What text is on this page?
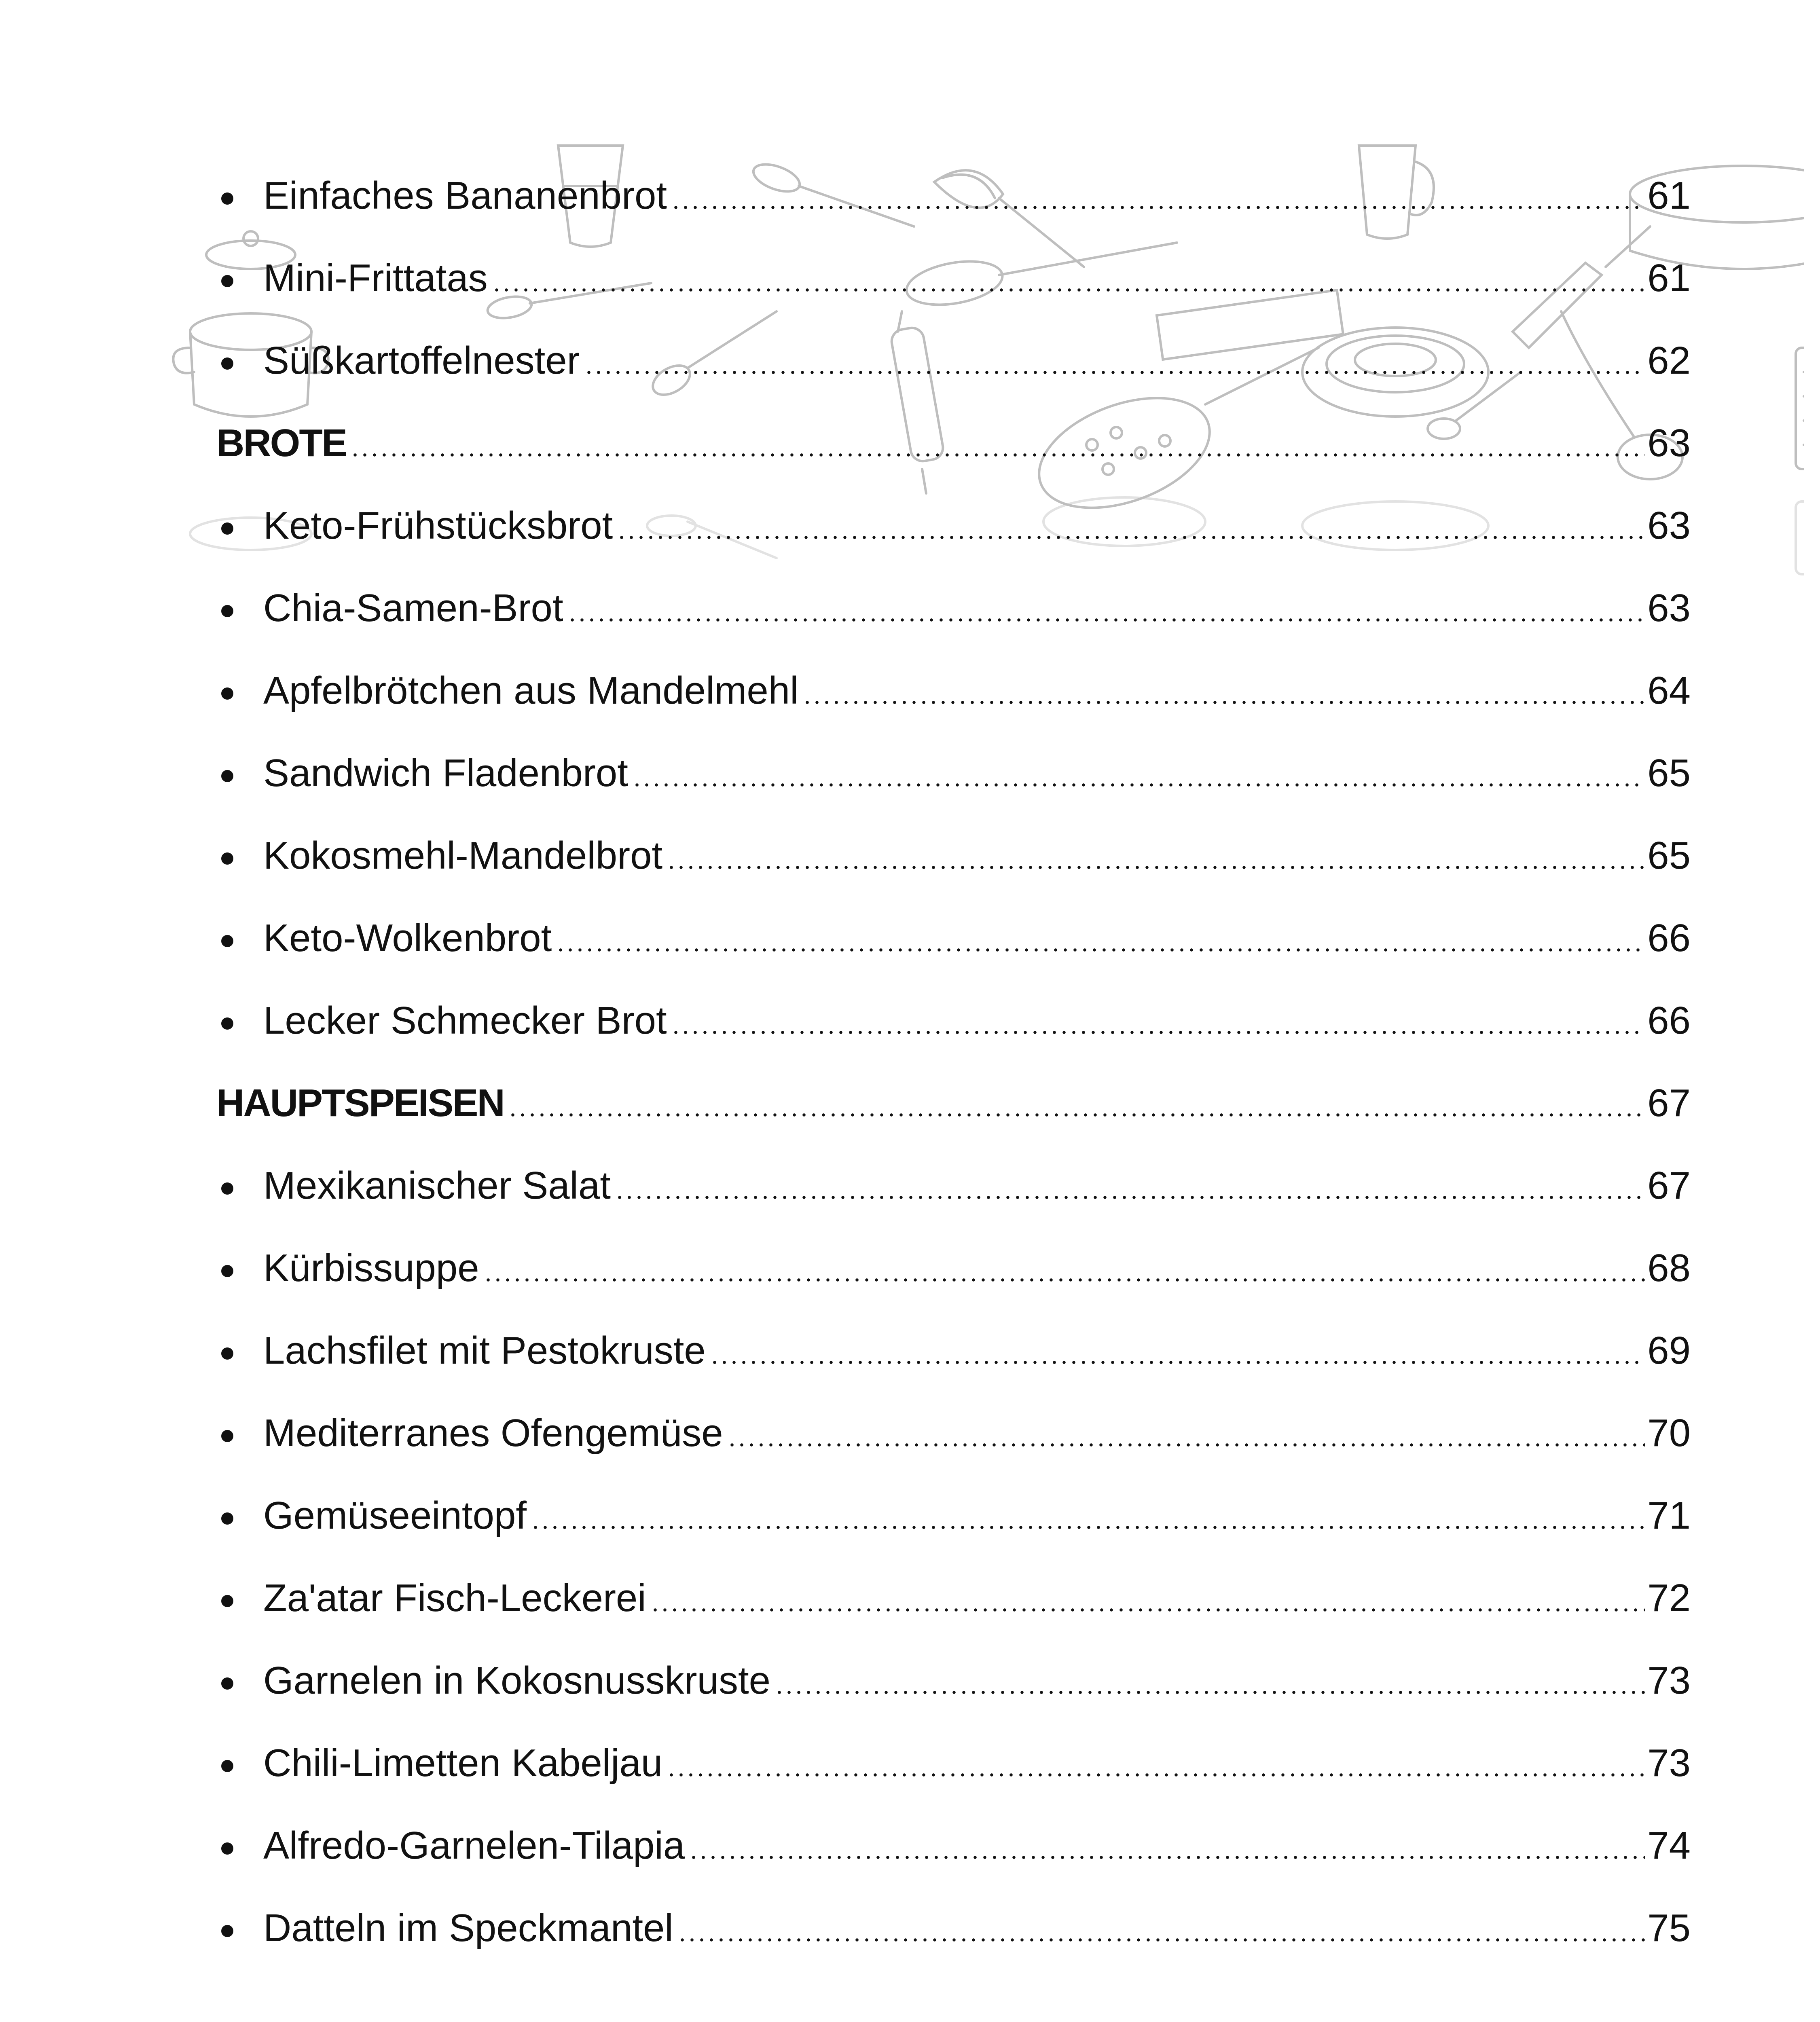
Einfaches Bananenbrot	61
Mini-Frittatas	61
Süßkartoffelnester	62
BROTE	63
Keto-Frühstücksbrot	63
Chia-Samen-Brot	63
Apfelbrötchen aus Mandelmehl	64
Sandwich Fladenbrot	65
Kokosmehl-Mandelbrot	65
Keto-Wolkenbrot	66
Lecker Schmecker Brot	66
HAUPTSPEISEN	67
Mexikanischer Salat	67
Kürbissuppe	68
Lachsfilet mit Pestokruste	69
Mediterranes Ofengemüse	70
Gemüseeintopf	71
Za'atar Fisch-Leckerei	72
Garnelen in Kokosnusskruste	73
Chili-Limetten Kabeljau	73
Alfredo-Garnelen-Tilapia	74
Datteln im Speckmantel	75
